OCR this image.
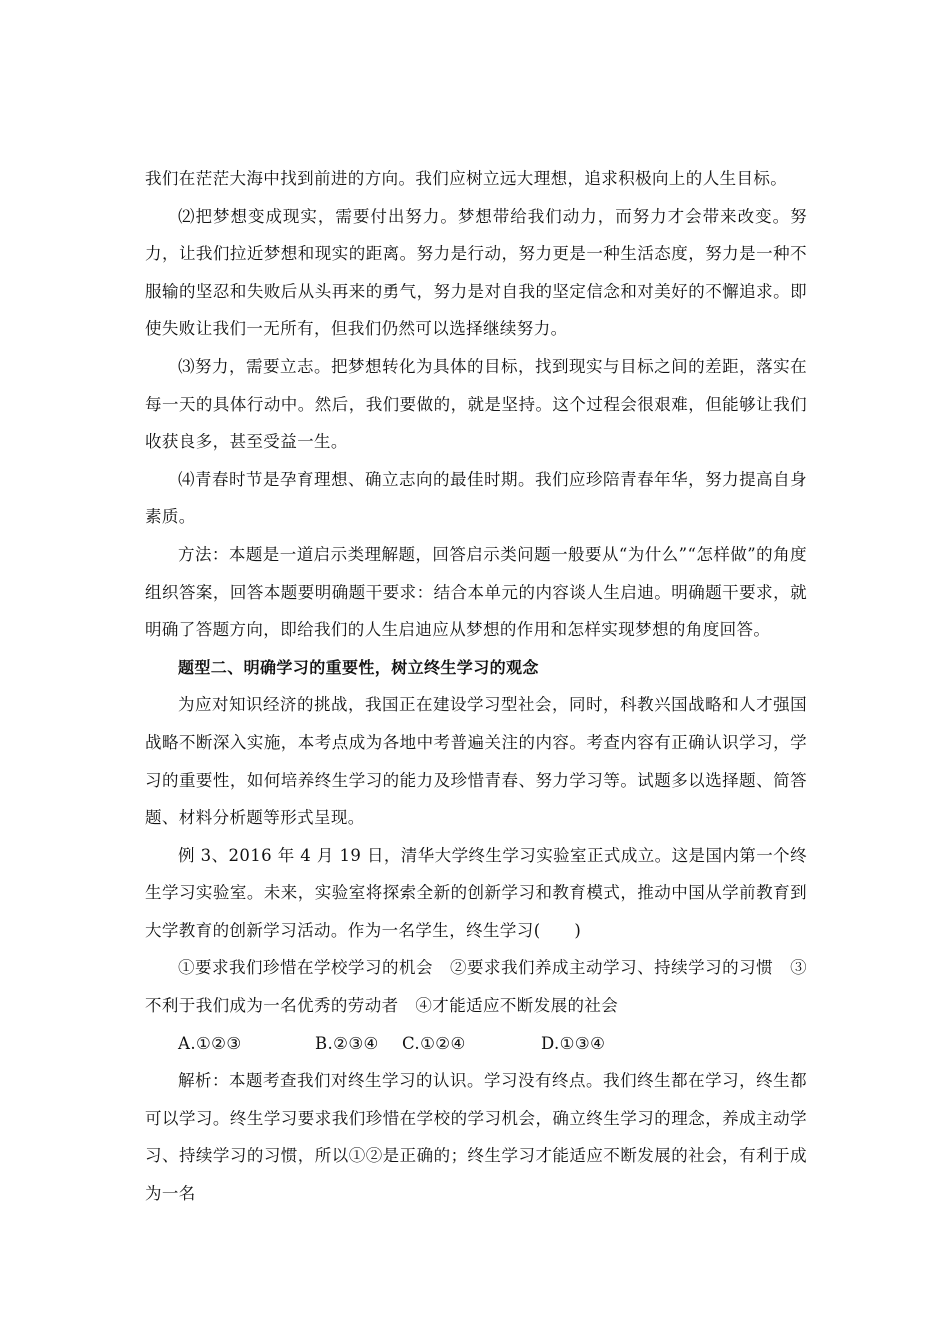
我们在茫茫大海中找到前进的方向。我们应树立远大理想，追求积极向上的人生目标。

⑵把梦想变成现实，需要付出努力。梦想带给我们动力，而努力才会带来改变。努力，让我们拉近梦想和现实的距离。努力是行动，努力更是一种生活态度，努力是一种不服输的坚忍和失败后从头再来的勇气，努力是对自我的坚定信念和对美好的不懈追求。即使失败让我们一无所有，但我们仍然可以选择继续努力。

⑶努力，需要立志。把梦想转化为具体的目标，找到现实与目标之间的差距，落实在每一天的具体行动中。然后，我们要做的，就是坚持。这个过程会很艰难，但能够让我们收获良多，甚至受益一生。

⑷青春时节是孕育理想、确立志向的最佳时期。我们应珍陪青春年华，努力提高自身素质。

方法：本题是一道启示类理解题，回答启示类问题一般要从“为什么”“怎样做”的角度组织答案，回答本题要明确题干要求：结合本单元的内容谈人生启迪。明确题干要求，就明确了答题方向，即给我们的人生启迪应从梦想的作用和怎样实现梦想的角度回答。

题型二、明确学习的重要性，树立终生学习的观念

为应对知识经济的挑战，我国正在建设学习型社会，同时，科教兴国战略和人才强国战略不断深入实施，本考点成为各地中考普遍关注的内容。考查内容有正确认识学习，学习的重要性，如何培养终生学习的能力及珍惜青春、努力学习等。试题多以选择题、简答题、材料分析题等形式呈现。

例 3、2016 年 4 月 19 日，清华大学终生学习实验室正式成立。这是国内第一个终生学习实验室。未来，实验室将探索全新的创新学习和教育模式，推动中国从学前教育到大学教育的创新学习活动。作为一名学生，终生学习(　　)

①要求我们珍惜在学校学习的机会　②要求我们养成主动学习、持续学习的习惯　③不利于我们成为一名优秀的劳动者　④才能适应不断发展的社会

A.①②③	B.②③④ C.①②④	D.①③④

解析：本题考查我们对终生学习的认识。学习没有终点。我们终生都在学习，终生都可以学习。终生学习要求我们珍惜在学校的学习机会，确立终生学习的理念，养成主动学习、持续学习的习惯，所以①②是正确的；终生学习才能适应不断发展的社会，有利于成为一名
